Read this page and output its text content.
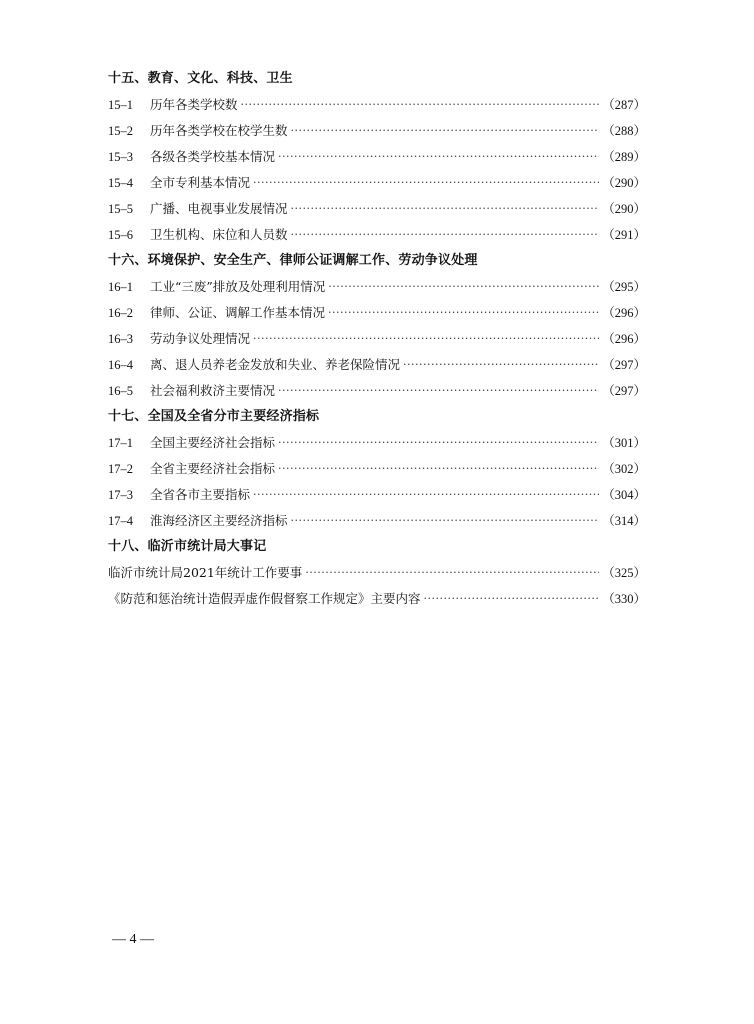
十五、教育、文化、科技、卫生
15–1	历年各类学校数 ·····	（287）
15–2	历年各类学校在校学生数 ·····	（288）
15–3	各级各类学校基本情况 ·····	（289）
15–4	全市专利基本情况 ·····	（290）
15–5	广播、电视事业发展情况 ·····	（290）
15–6	卫生机构、床位和人员数 ·····	（291）
十六、环境保护、安全生产、律师公证调解工作、劳动争议处理
16–1	工业“三废”排放及处理利用情况 ·····	（295）
16–2	律师、公证、调解工作基本情况 ·····	（296）
16–3	劳动争议处理情况 ·····	（296）
16–4	离、退人员养老金发放和失业、养老保险情况 ·····	（297）
16–5	社会福利救济主要情况 ·····	（297）
十七、全国及全省分市主要经济指标
17–1	全国主要经济社会指标 ·····	（301）
17–2	全省主要经济社会指标 ·····	（302）
17–3	全省各市主要指标 ·····	（304）
17–4	淮海经济区主要经济指标 ·····	（314）
十八、临沂市统计局大事记
临沂市统计局2021年统计工作要事 ·····	（325）
《防范和惩治统计造假弄虚作假督察工作规定》主要内容 ·····	（330）
— 4 —
